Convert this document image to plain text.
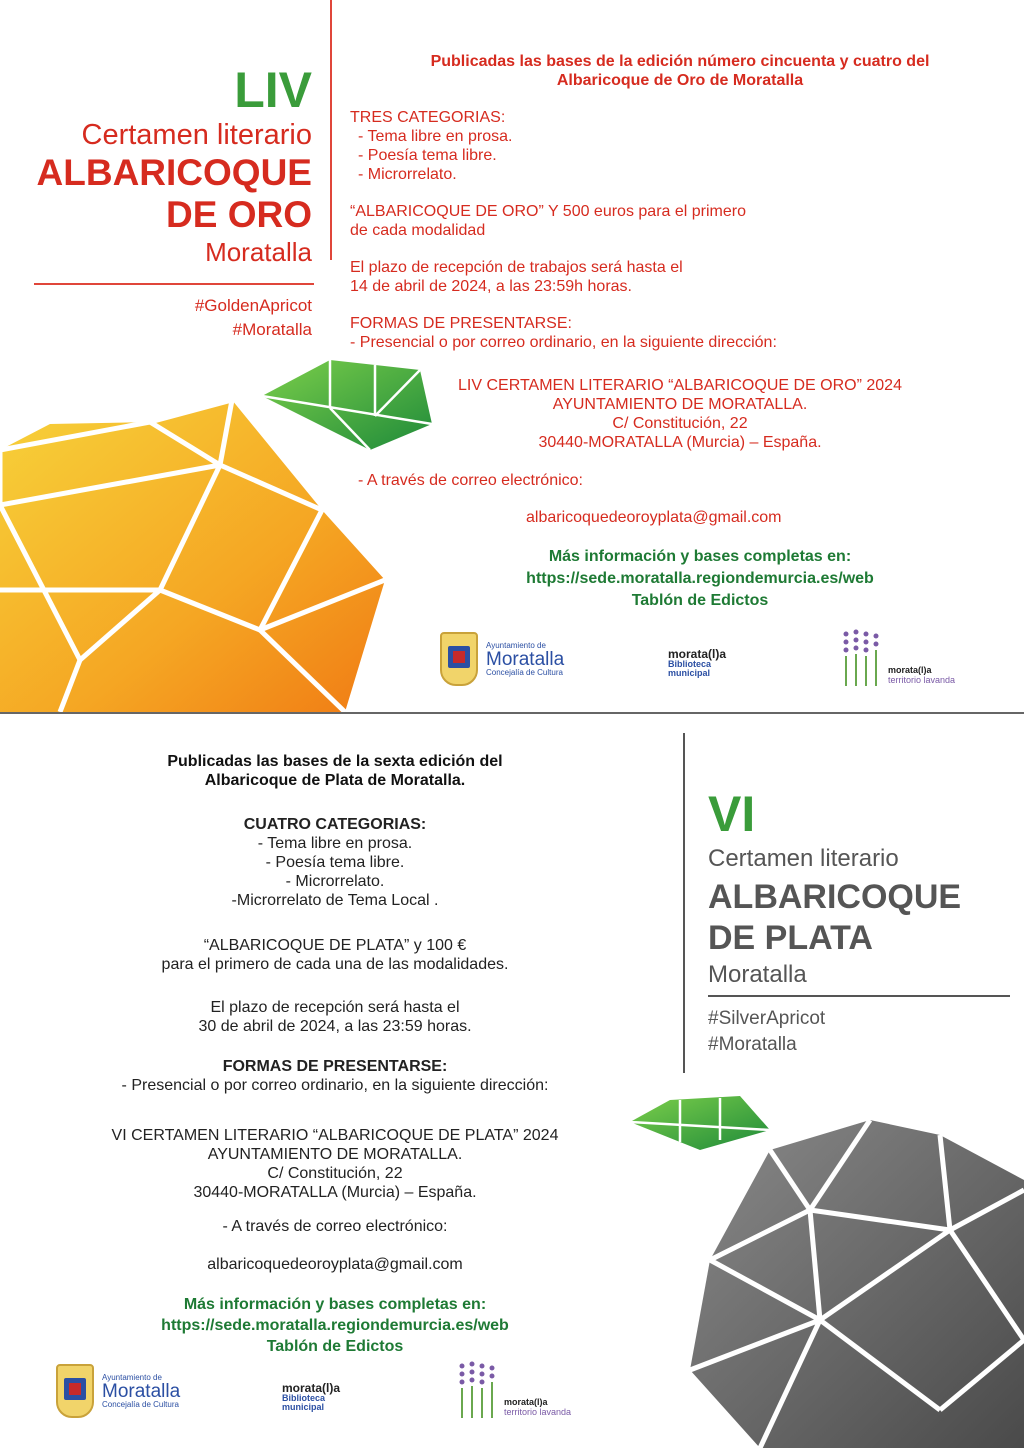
LIV
Certamen literario
ALBARICOQUE
DE ORO
Moratalla
#GoldenApricot
#Moratalla
Publicadas las bases de la edición número cincuenta y cuatro del
Albaricoque de Oro de Moratalla
TRES CATEGORIAS:
- Tema libre en prosa.
- Poesía tema libre.
- Microrrelato.
“ALBARICOQUE DE ORO” Y 500 euros para el primero
de cada modalidad
El plazo de recepción de trabajos será hasta el
14 de abril de 2024, a las 23:59h horas.
FORMAS DE PRESENTARSE:
- Presencial o por correo ordinario, en la siguiente dirección:
LIV CERTAMEN LITERARIO “ALBARICOQUE DE ORO” 2024
AYUNTAMIENTO DE MORATALLA.
C/ Constitución, 22
30440-MORATALLA (Murcia) – España.
- A través de correo electrónico:
albaricoquedeoroyplata@gmail.com
Más información y bases completas en:
https://sede.moratalla.regiondemurcia.es/web
Tablón de Edictos
Ayuntamiento de
Moratalla
Concejalía de Cultura
morata(l)a
Biblioteca
municipal	morata(l)a
territorio lavanda
VI
Certamen literario
ALBARICOQUE
DE PLATA
Moratalla
#SilverApricot
#Moratalla
Publicadas las bases de la sexta edición del
Albaricoque de Plata de Moratalla.
CUATRO CATEGORIAS:
- Tema libre en prosa.
- Poesía tema libre.
- Microrrelato.
-Microrrelato de Tema Local .
“ALBARICOQUE DE PLATA” y 100 €
para el primero de cada una de las modalidades.
El plazo de recepción será hasta el
30 de abril de 2024, a las 23:59 horas.
FORMAS DE PRESENTARSE:
- Presencial o por correo ordinario, en la siguiente dirección:
VI CERTAMEN LITERARIO “ALBARICOQUE DE PLATA” 2024
AYUNTAMIENTO DE MORATALLA.
C/ Constitución, 22
30440-MORATALLA (Murcia) – España.
- A través de correo electrónico:
albaricoquedeoroyplata@gmail.com
Más información y bases completas en:
https://sede.moratalla.regiondemurcia.es/web
Tablón de Edictos
Ayuntamiento de
Moratalla
Concejalía de Cultura
morata(l)a
Biblioteca
municipal	morata(l)a
territorio lavanda
